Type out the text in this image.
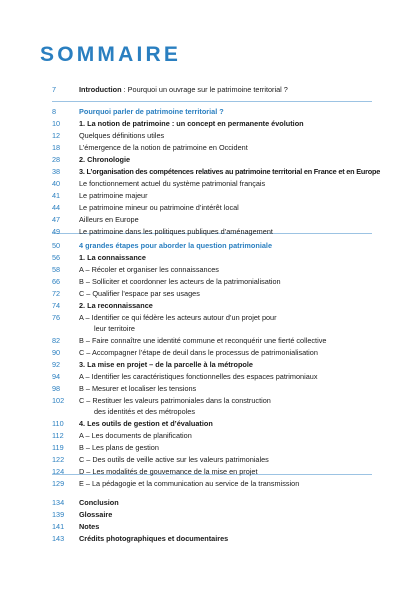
SOMMAIRE
7	Introduction : Pourquoi un ouvrage sur le patrimoine territorial ?
8	Pourquoi parler de patrimoine territorial ?
10	1. La notion de patrimoine : un concept en permanente évolution
12	Quelques définitions utiles
18	L’émergence de la notion de patrimoine en Occident
28	2. Chronologie
38	3. L’organisation des compétences relatives au patrimoine territorial en France et en Europe
40	Le fonctionnement actuel du système patrimonial français
41	Le patrimoine majeur
44	Le patrimoine mineur ou patrimoine d’intérêt local
47	Ailleurs en Europe
49	Le patrimoine dans les politiques publiques d’aménagement
50	4 grandes étapes pour aborder la question patrimoniale
56	1. La connaissance
58	A – Récoler et organiser les connaissances
66	B – Solliciter et coordonner les acteurs de la patrimonialisation
72	C – Qualifier l’espace par ses usages
74	2. La reconnaissance
76	A – Identifier ce qui fédère les acteurs autour d’un projet pour
leur territoire
82	B – Faire connaître une identité commune et reconquérir une fierté collective
90	C – Accompagner l’étape de deuil dans le processus de patrimonialisation
92	3. La mise en projet – de la parcelle à la métropole
94	A – Identifier les caractéristiques fonctionnelles des espaces patrimoniaux
98	B – Mesurer et localiser les tensions
102 C – Restituer les valeurs patrimoniales dans la construction
des identités et des métropoles
110 4. Les outils de gestion et d’évaluation
112 A – Les documents de planification
119 B – Les plans de gestion
122 C – Des outils de veille active sur les valeurs patrimoniales
124 D – Les modalités de gouvernance de la mise en projet
129 E – La pédagogie et la communication au service de la transmission
134 Conclusion
139 Glossaire
141 Notes
143 Crédits photographiques et documentaires
